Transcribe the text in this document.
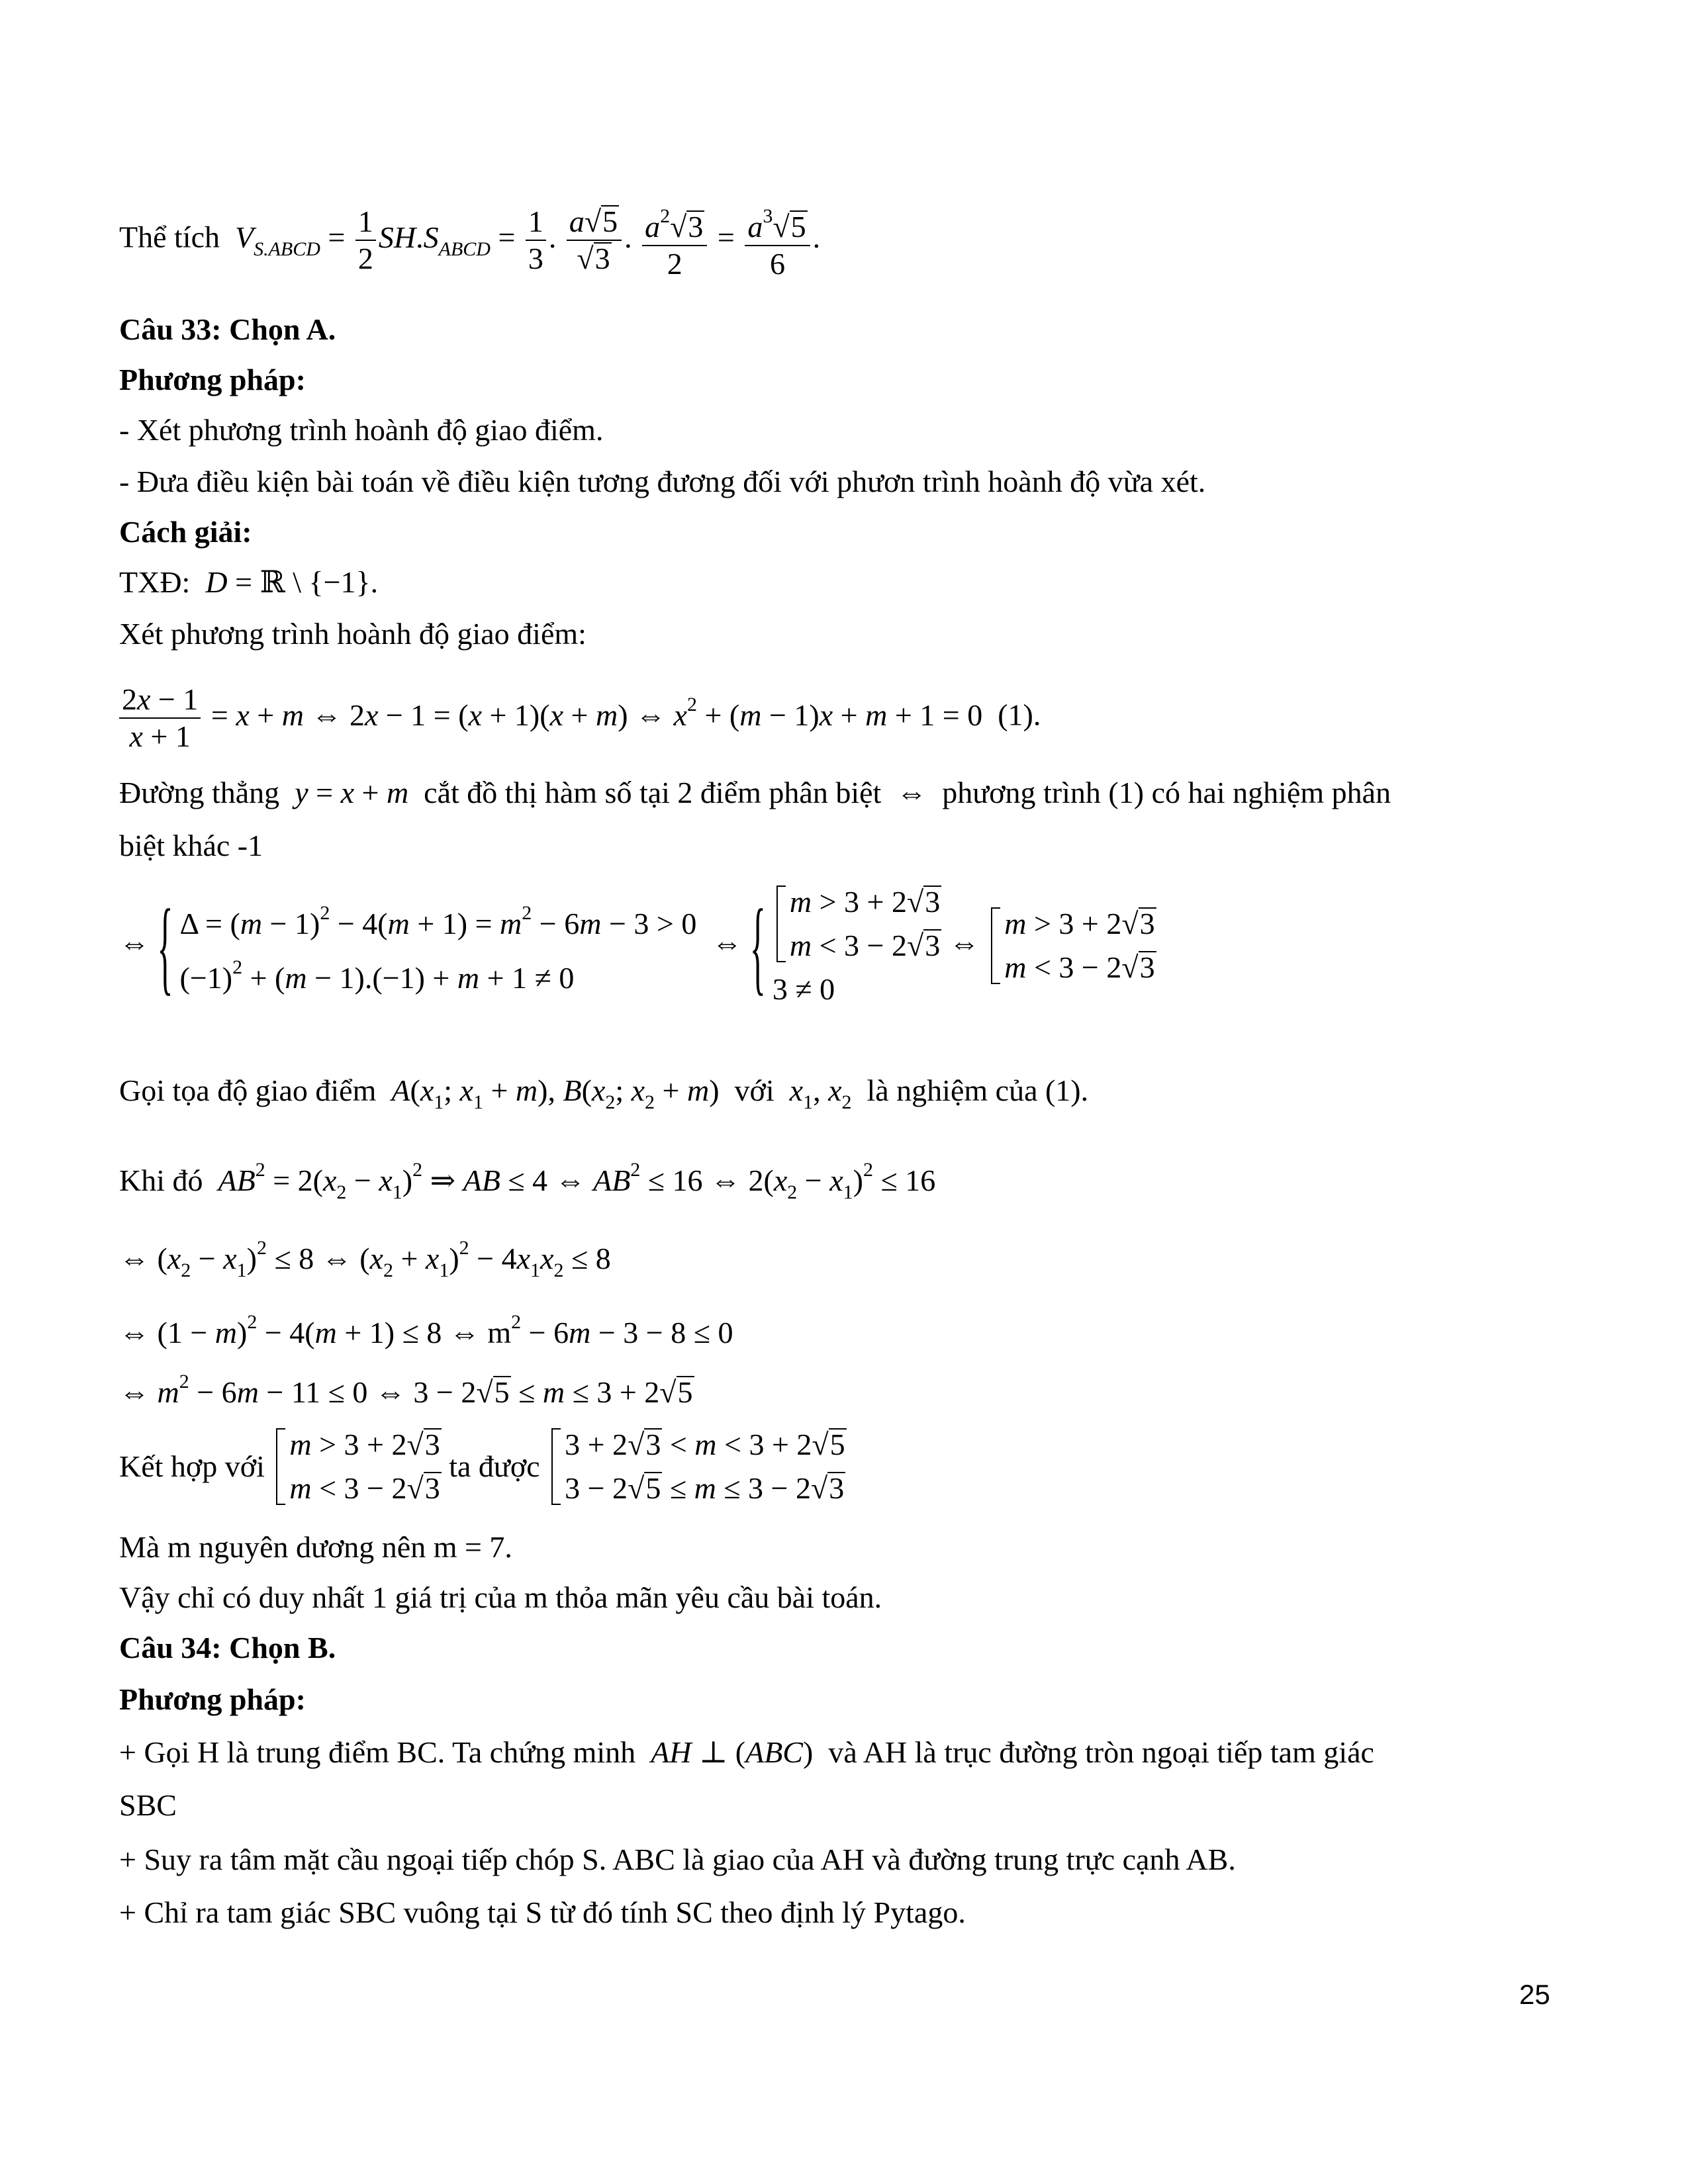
Thể tích $V_{S.ABCD} = \frac{1}{2} SH.S_{ABCD} = \frac{1}{3}$ . $\frac{a√5}{√3}$ . $\frac{a^2√3}{2} = \frac{a^3√5}{6}$ .
Câu 33: Chọn A.
Phương pháp:
- Xét phương trình hoành độ giao điểm.
- Đưa điều kiện bài toán về điều kiện tương đương đối với phươn trình hoành độ vừa xét.
Cách giải:
TXĐ: D = ℝ \ {−1}.
Xét phương trình hoành độ giao điểm:
$\frac{2x - 1}{x + 1} = x + m$ ⇔ 2x − 1 = (x + 1)(x + m) ⇔ $x^2 + (m - 1)x + m + 1 = 0$  (1).
Đường thẳng y = x + m cắt đồ thị hàm số tại 2 điểm phân biệt  ⇔  phương trình (1) có hai nghiệm phân
biệt khác -1
⇔ { $\Delta = (m - 1)^2 - 4(m + 1) = m^2 - 6m - 3 > 0$
$(-1)^2 + (m - 1).(-1) + m + 1 \ne 0$
⇔ { m > 3 + 2√3
m < 3 − 2√3
3 ≠ 0
⇔
m > 3 + 2√3
m < 3 − 2√3
Gọi tọa độ giao điểm $A(x_1$; $x_1 + m$), $B(x_2$; $x_2 + m$)  với $x_1$, $x_2$ là nghiệm của (1).
Khi đó $AB^2 = 2(x_2 - x_1)^2$ ⇒ AB ≤ 4 ⇔ $AB^2 \le 16$ ⇔ $2(x_2 - x_1)^2 \le 16$
⇔ $(x_2 - x_1)^2 \le 8$ ⇔ $(x_2 + x_1)^2 - 4x_1x_2 \le 8$
⇔ $(1 - m)^2 - 4(m + 1) \le 8$ ⇔ $m^2 - 6m - 3 - 8 \le 0$
⇔ $m^2 - 6m - 11 \le 0$ ⇔ 3 − 2√5 ≤ m ≤ 3 + 2√5
Kết hợp với
m > 3 + 2√3
m < 3 − 2√3
ta được
3 + 2√3 < m < 3 + 2√5
3 − 2√5 ≤ m ≤ 3 − 2√3
Mà m nguyên dương nên m = 7.
Vậy chỉ có duy nhất 1 giá trị của m thỏa mãn yêu cầu bài toán.
Câu 34: Chọn B.
Phương pháp:
+ Gọi H là trung điểm BC. Ta chứng minh AH ⊥ (ABC)  và AH là trục đường tròn ngoại tiếp tam giác
SBC
+ Suy ra tâm mặt cầu ngoại tiếp chóp S. ABC là giao của AH và đường trung trực cạnh AB.
+ Chỉ ra tam giác SBC vuông tại S từ đó tính SC theo định lý Pytago.
25
